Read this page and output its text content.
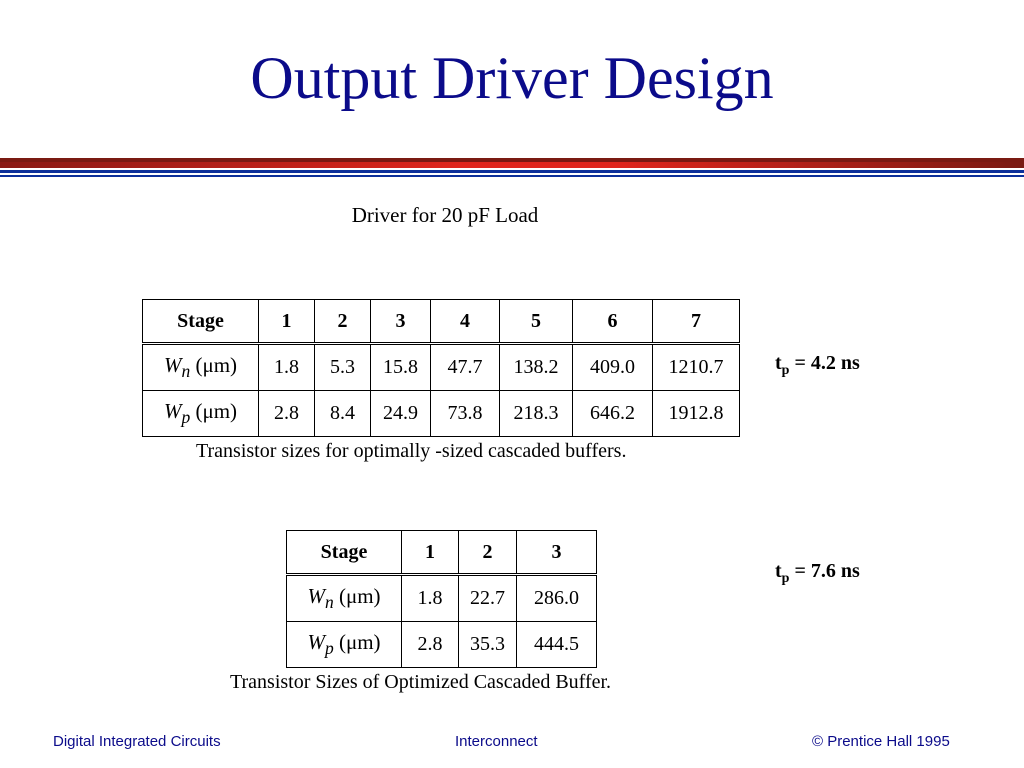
Output Driver Design
Driver for 20 pF Load
Stage	1	2	3	4	5	6	7
$W_n$ (μm)	1.8	5.3	15.8	47.7	138.2	409.0	1210.7
$W_p$ (μm)	2.8	8.4	24.9	73.8	218.3	646.2	1912.8
$t_p = 4.2$ ns
Transistor sizes for optimally -sized cascaded buffers.
Stage	1	2	3
$W_n$ (μm)	1.8	22.7	286.0
$W_p$ (μm)	2.8	35.3	444.5
$t_p = 7.6$ ns
Transistor Sizes of Optimized Cascaded Buffer.
Digital Integrated Circuits	Interconnect	© Prentice Hall 1995
